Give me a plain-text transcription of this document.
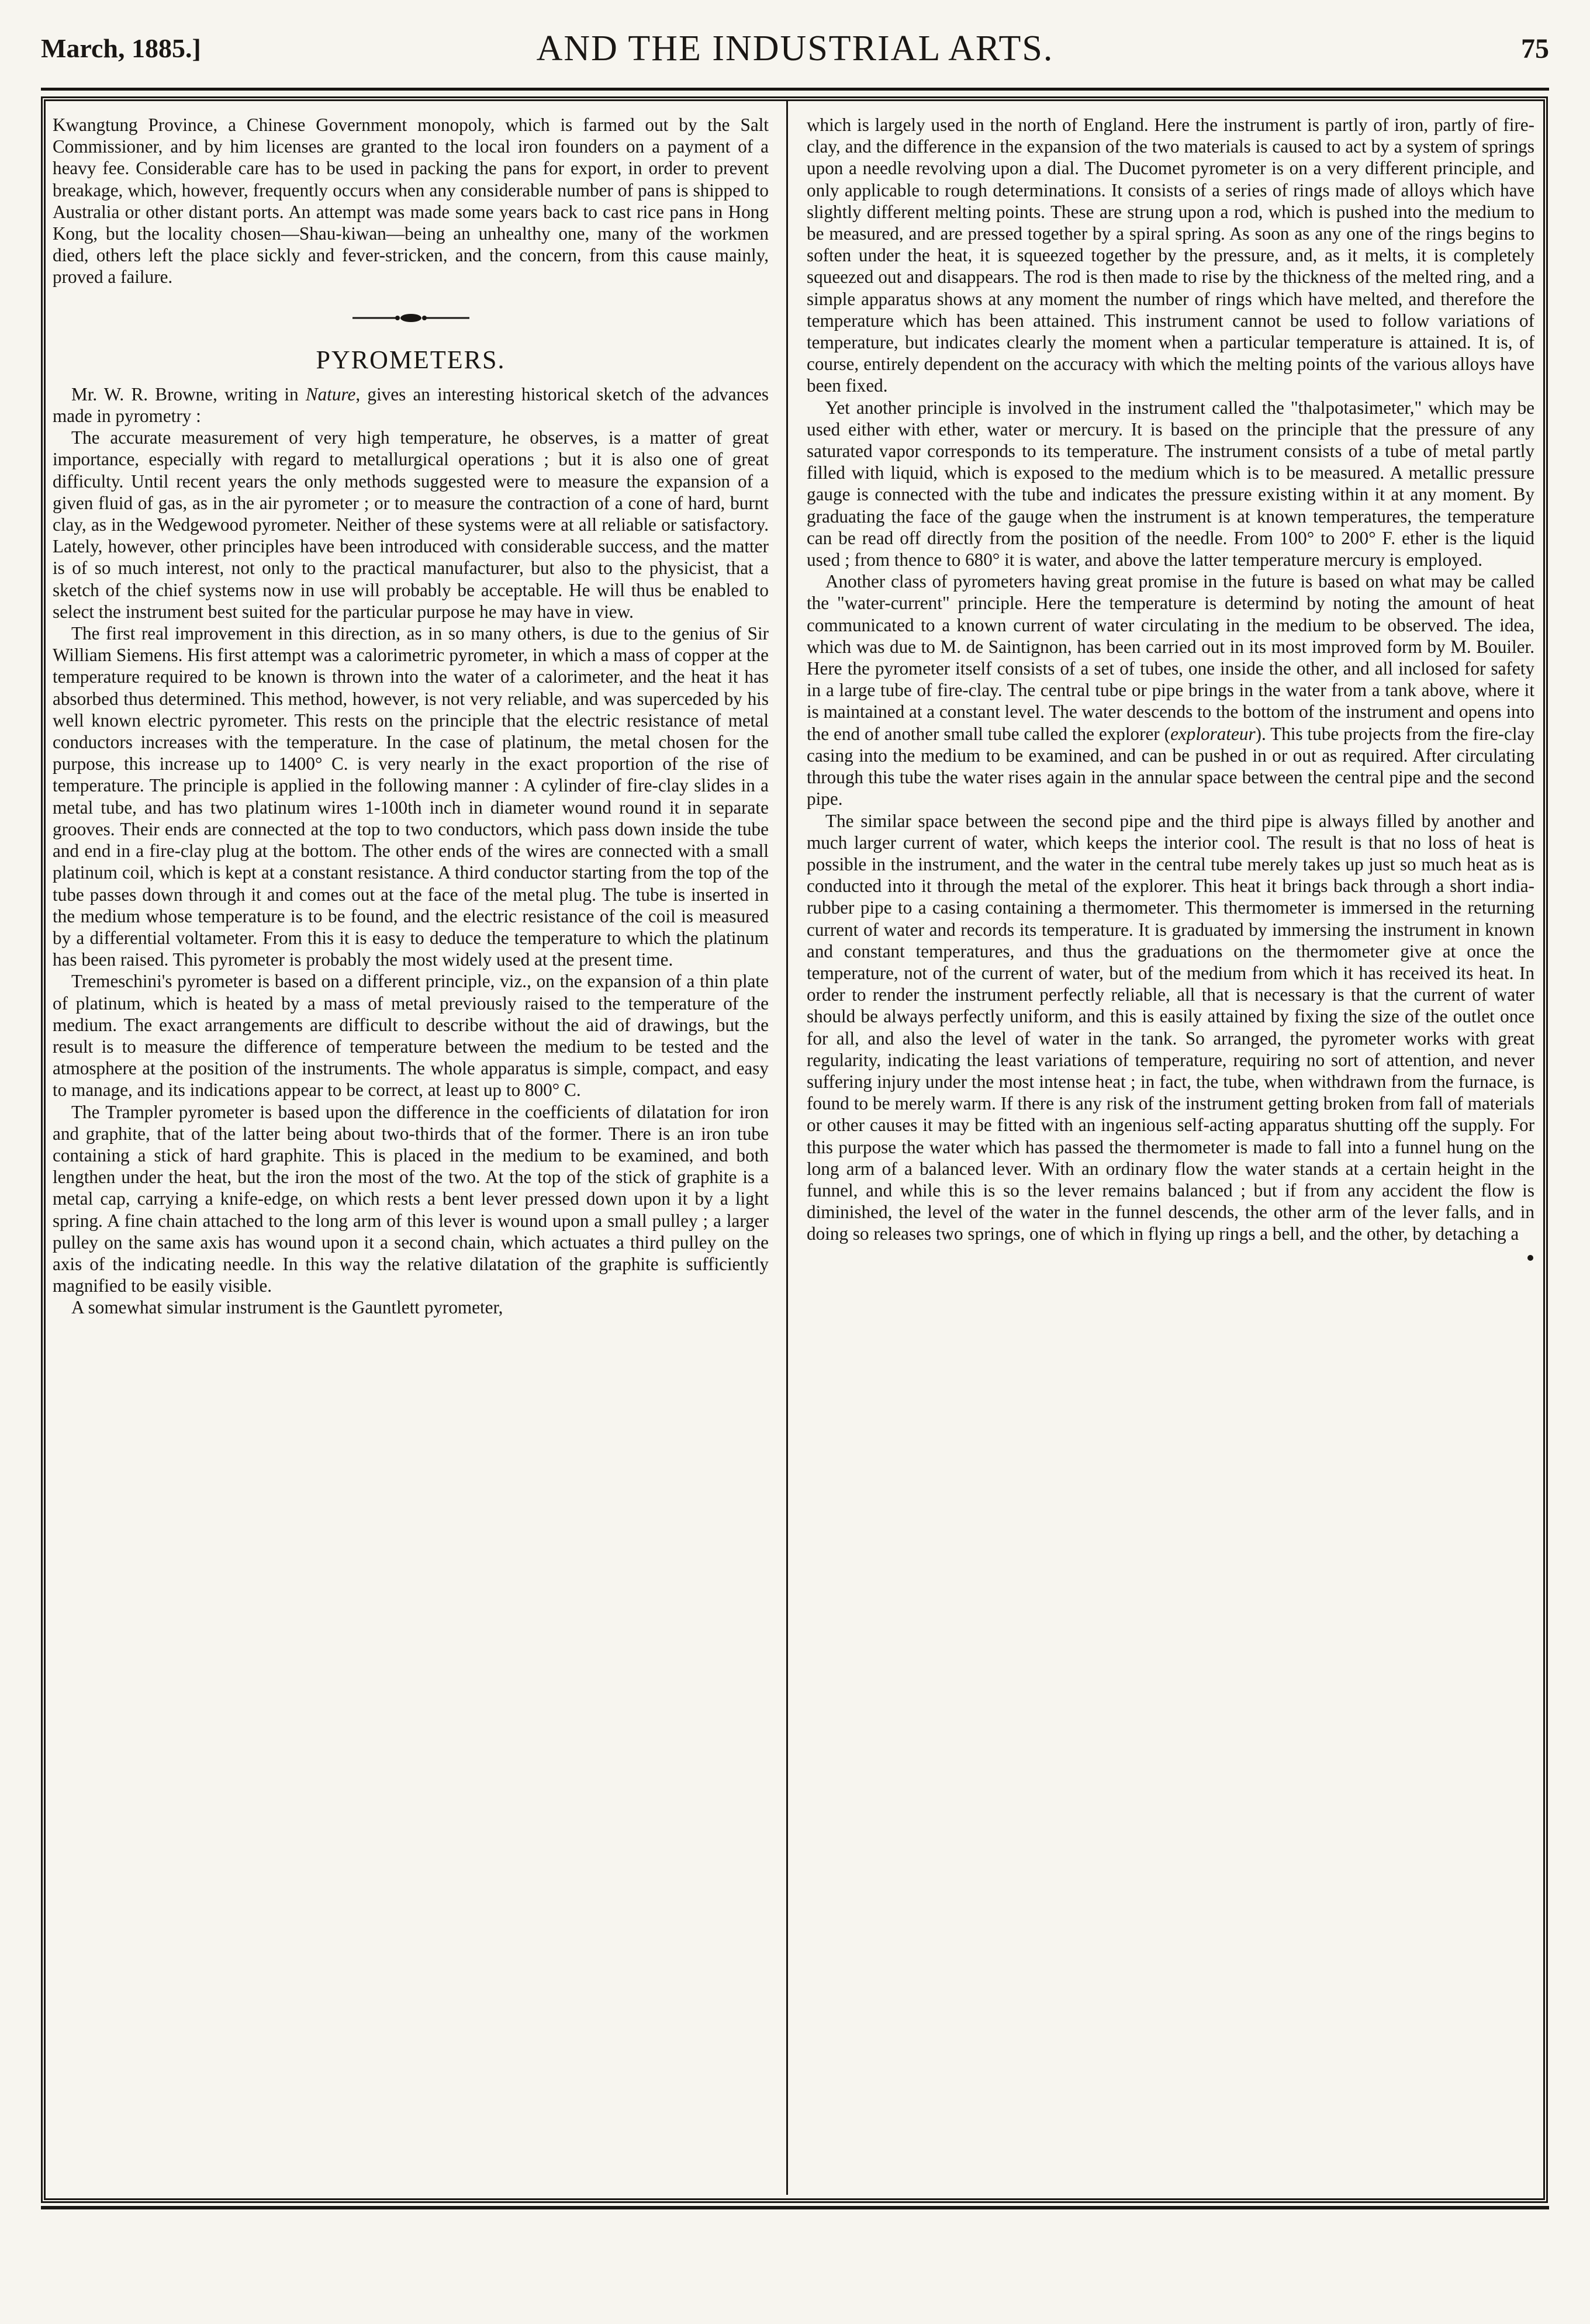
March, 1885.]	AND THE INDUSTRIAL ARTS.	75

Kwangtung Province, a Chinese Government monopoly, which is farmed out by the Salt Commissioner, and by him licenses are granted to the local iron founders on a payment of a heavy fee. Considerable care has to be used in packing the pans for export, in order to prevent breakage, which, however, frequently occurs when any considerable number of pans is shipped to Australia or other distant ports. An attempt was made some years back to cast rice pans in Hong Kong, but the locality chosen—Shau-kiwan—being an unhealthy one, many of the workmen died, others left the place sickly and fever-stricken, and the concern, from this cause mainly, proved a failure.

PYROMETERS.

Mr. W. R. Browne, writing in Nature, gives an interesting historical sketch of the advances made in pyrometry :

The accurate measurement of very high temperature, he observes, is a matter of great importance, especially with regard to metallurgical operations ; but it is also one of great difficulty. Until recent years the only methods suggested were to measure the expansion of a given fluid of gas, as in the air pyrometer ; or to measure the contraction of a cone of hard, burnt clay, as in the Wedgewood pyrometer. Neither of these systems were at all reliable or satisfactory. Lately, however, other principles have been introduced with considerable success, and the matter is of so much interest, not only to the practical manufacturer, but also to the physicist, that a sketch of the chief systems now in use will probably be acceptable. He will thus be enabled to select the instrument best suited for the particular purpose he may have in view.

The first real improvement in this direction, as in so many others, is due to the genius of Sir William Siemens. His first attempt was a calorimetric pyrometer, in which a mass of copper at the temperature required to be known is thrown into the water of a calorimeter, and the heat it has absorbed thus determined. This method, however, is not very reliable, and was superceded by his well known electric pyrometer. This rests on the principle that the electric resistance of metal conductors increases with the temperature. In the case of platinum, the metal chosen for the purpose, this increase up to 1400° C. is very nearly in the exact proportion of the rise of temperature. The principle is applied in the following manner : A cylinder of fire-clay slides in a metal tube, and has two platinum wires 1-100th inch in diameter wound round it in separate grooves. Their ends are connected at the top to two conductors, which pass down inside the tube and end in a fire-clay plug at the bottom. The other ends of the wires are connected with a small platinum coil, which is kept at a constant resistance. A third conductor starting from the top of the tube passes down through it and comes out at the face of the metal plug. The tube is inserted in the medium whose temperature is to be found, and the electric resistance of the coil is measured by a differential voltameter. From this it is easy to deduce the temperature to which the platinum has been raised. This pyrometer is probably the most widely used at the present time.

Tremeschini's pyrometer is based on a different principle, viz., on the expansion of a thin plate of platinum, which is heated by a mass of metal previously raised to the temperature of the medium. The exact arrangements are difficult to describe without the aid of drawings, but the result is to measure the difference of temperature between the medium to be tested and the atmosphere at the position of the instruments. The whole apparatus is simple, compact, and easy to manage, and its indications appear to be correct, at least up to 800° C.

The Trampler pyrometer is based upon the difference in the coefficients of dilatation for iron and graphite, that of the latter being about two-thirds that of the former. There is an iron tube containing a stick of hard graphite. This is placed in the medium to be examined, and both lengthen under the heat, but the iron the most of the two. At the top of the stick of graphite is a metal cap, carrying a knife-edge, on which rests a bent lever pressed down upon it by a light spring. A fine chain attached to the long arm of this lever is wound upon a small pulley ; a larger pulley on the same axis has wound upon it a second chain, which actuates a third pulley on the axis of the indicating needle. In this way the relative dilatation of the graphite is sufficiently magnified to be easily visible.

A somewhat simular instrument is the Gauntlett pyrometer,

which is largely used in the north of England. Here the instrument is partly of iron, partly of fire-clay, and the difference in the expansion of the two materials is caused to act by a system of springs upon a needle revolving upon a dial. The Ducomet pyrometer is on a very different principle, and only applicable to rough determinations. It consists of a series of rings made of alloys which have slightly different melting points. These are strung upon a rod, which is pushed into the medium to be measured, and are pressed together by a spiral spring. As soon as any one of the rings begins to soften under the heat, it is squeezed together by the pressure, and, as it melts, it is completely squeezed out and disappears. The rod is then made to rise by the thickness of the melted ring, and a simple apparatus shows at any moment the number of rings which have melted, and therefore the temperature which has been attained. This instrument cannot be used to follow variations of temperature, but indicates clearly the moment when a particular temperature is attained. It is, of course, entirely dependent on the accuracy with which the melting points of the various alloys have been fixed.

Yet another principle is involved in the instrument called the "thalpotasimeter," which may be used either with ether, water or mercury. It is based on the principle that the pressure of any saturated vapor corresponds to its temperature. The instrument consists of a tube of metal partly filled with liquid, which is exposed to the medium which is to be measured. A metallic pressure gauge is connected with the tube and indicates the pressure existing within it at any moment. By graduating the face of the gauge when the instrument is at known temperatures, the temperature can be read off directly from the position of the needle. From 100° to 200° F. ether is the liquid used ; from thence to 680° it is water, and above the latter temperature mercury is employed.

Another class of pyrometers having great promise in the future is based on what may be called the "water-current" principle. Here the temperature is determind by noting the amount of heat communicated to a known current of water circulating in the medium to be observed. The idea, which was due to M. de Saintignon, has been carried out in its most improved form by M. Bouiler. Here the pyrometer itself consists of a set of tubes, one inside the other, and all inclosed for safety in a large tube of fire-clay. The central tube or pipe brings in the water from a tank above, where it is maintained at a constant level. The water descends to the bottom of the instrument and opens into the end of another small tube called the explorer (explorateur). This tube projects from the fire-clay casing into the medium to be examined, and can be pushed in or out as required. After circulating through this tube the water rises again in the annular space between the central pipe and the second pipe.

The similar space between the second pipe and the third pipe is always filled by another and much larger current of water, which keeps the interior cool. The result is that no loss of heat is possible in the instrument, and the water in the central tube merely takes up just so much heat as is conducted into it through the metal of the explorer. This heat it brings back through a short india-rubber pipe to a casing containing a thermometer. This thermometer is immersed in the returning current of water and records its temperature. It is graduated by immersing the instrument in known and constant temperatures, and thus the graduations on the thermometer give at once the temperature, not of the current of water, but of the medium from which it has received its heat. In order to render the instrument perfectly reliable, all that is necessary is that the current of water should be always perfectly uniform, and this is easily attained by fixing the size of the outlet once for all, and also the level of water in the tank. So arranged, the pyrometer works with great regularity, indicating the least variations of temperature, requiring no sort of attention, and never suffering injury under the most intense heat ; in fact, the tube, when withdrawn from the furnace, is found to be merely warm. If there is any risk of the instrument getting broken from fall of materials or other causes it may be fitted with an ingenious self-acting apparatus shutting off the supply. For this purpose the water which has passed the thermometer is made to fall into a funnel hung on the long arm of a balanced lever. With an ordinary flow the water stands at a certain height in the funnel, and while this is so the lever remains balanced ; but if from any accident the flow is diminished, the level of the water in the funnel descends, the other arm of the lever falls, and in doing so releases two springs, one of which in flying up rings a bell, and the other, by detaching a
